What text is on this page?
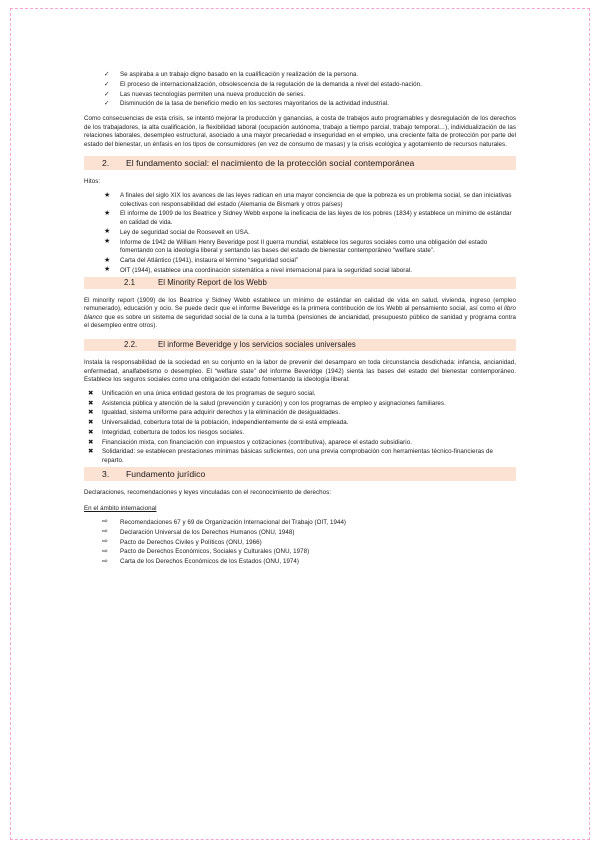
✓ Se aspiraba a un trabajo digno basado en la cualificación y realización de la persona.
✓ El proceso de internacionalización, obsolescencia de la regulación de la demanda a nivel del estado-nación.
✓ Las nuevas tecnologías permiten una nueva producción de series.
✓ Disminución de la tasa de beneficio medio en los sectores mayoritarios de la actividad industrial.

Como consecuencias de esta crisis, se intentó mejorar la producción y ganancias, a costa de trabajos auto programables y desregulación de los derechos de los trabajadores, la alta cualificación, la flexibilidad laboral (ocupación autónoma, trabajo a tiempo parcial, trabajo temporal…), individualización de las relaciones laborales, desempleo estructural, asociado a una mayor precariedad e inseguridad en el empleo, una creciente falta de protección por parte del estado del bienestar, un énfasis en los tipos de consumidores (en vez de consumo de masas) y la crisis ecológica y agotamiento de recursos naturales.

2. El fundamento social: el nacimiento de la protección social contemporánea
Hitos:
★ A finales del siglo XIX los avances de las leyes radican en una mayor conciencia de que la pobreza es un problema social, se dan iniciativas colectivas con responsabilidad del estado (Alemania de Bismark y otros países)
★ El informe de 1909 de los Beatrice y Sidney Webb expone la ineficacia de las leyes de los pobres (1834) y establece un mínimo de estándar en calidad de vida.
★ Ley de seguridad social de Roosevelt en USA.
★ Informe de 1942 de William Henry Beveridge post II guerra mundial, establece los seguros sociales como una obligación del estado fomentando con la ideología liberal y sentando las bases del estado de bienestar contemporáneo “welfare state”.
★ Carta del Atlántico (1941), instaura el término “seguridad social”
★ OIT (1944), establece una coordinación sistemática a nivel internacional para la seguridad social laboral.
2.1	El Minority Report de los Webb

El minority report (1909) de los Beatrice y Sidney Webb establece un mínimo de estándar en calidad de vida en salud, vivienda, ingreso (empleo remunerado), educación y ocio. Se puede decir que el informe Beveridge es la primera contribución de los Webb al pensamiento social, así como el libro blanco que es sobre un sistema de seguridad social de la cuna a la tumba (pensiones de ancianidad, presupuesto público de sanidad y programa contra el desempleo entre otros).

2.2.	El informe Beveridge y los servicios sociales universales

Instala la responsabilidad de la sociedad en su conjunto en la labor de prevenir del desamparo en toda circunstancia desdichada: infancia, ancianidad, enfermedad, analfabetismo o desempleo. El “welfare state” del informe Beveridge (1942) sienta las bases del estado del bienestar contemporáneo. Establece los seguros sociales como una obligación del estado fomentando la ideología liberal:

✖ Unificación en una única entidad gestora de los programas de seguro social.
✖ Asistencia pública y atención de la salud (prevención y curación) y con los programas de empleo y asignaciones familiares.
✖ Igualdad, sistema uniforme para adquirir derechos y la eliminación de desigualdades.
✖ Universalidad, cobertura total de la población, independientemente de si está empleada.
✖ Integridad, cobertura de todos los riesgos sociales.
✖ Financiación mixta, con financiación con impuestos y cotizaciones (contributiva), aparece el estado subsidiario.
✖ Solidaridad: se establecen prestaciones mínimas básicas suficientes, con una previa comprobación con herramientas técnico-financieras de reparto.
3. Fundamento jurídico

Declaraciones, recomendaciones y leyes vinculadas con el reconocimiento de derechos:

En el ámbito internacional
⇨ Recomendaciones 67 y 69 de Organización Internacional del Trabajo (OIT, 1944)
⇨ Declaración Universal de los Derechos Humanos (ONU, 1948)
⇨ Pacto de Derechos Civiles y Políticos (ONU, 1966)
⇨ Pacto de Derechos Económicos, Sociales y Culturales (ONU, 1978)
⇨ Carta de los Derechos Económicos de los Estados (ONU, 1974)
